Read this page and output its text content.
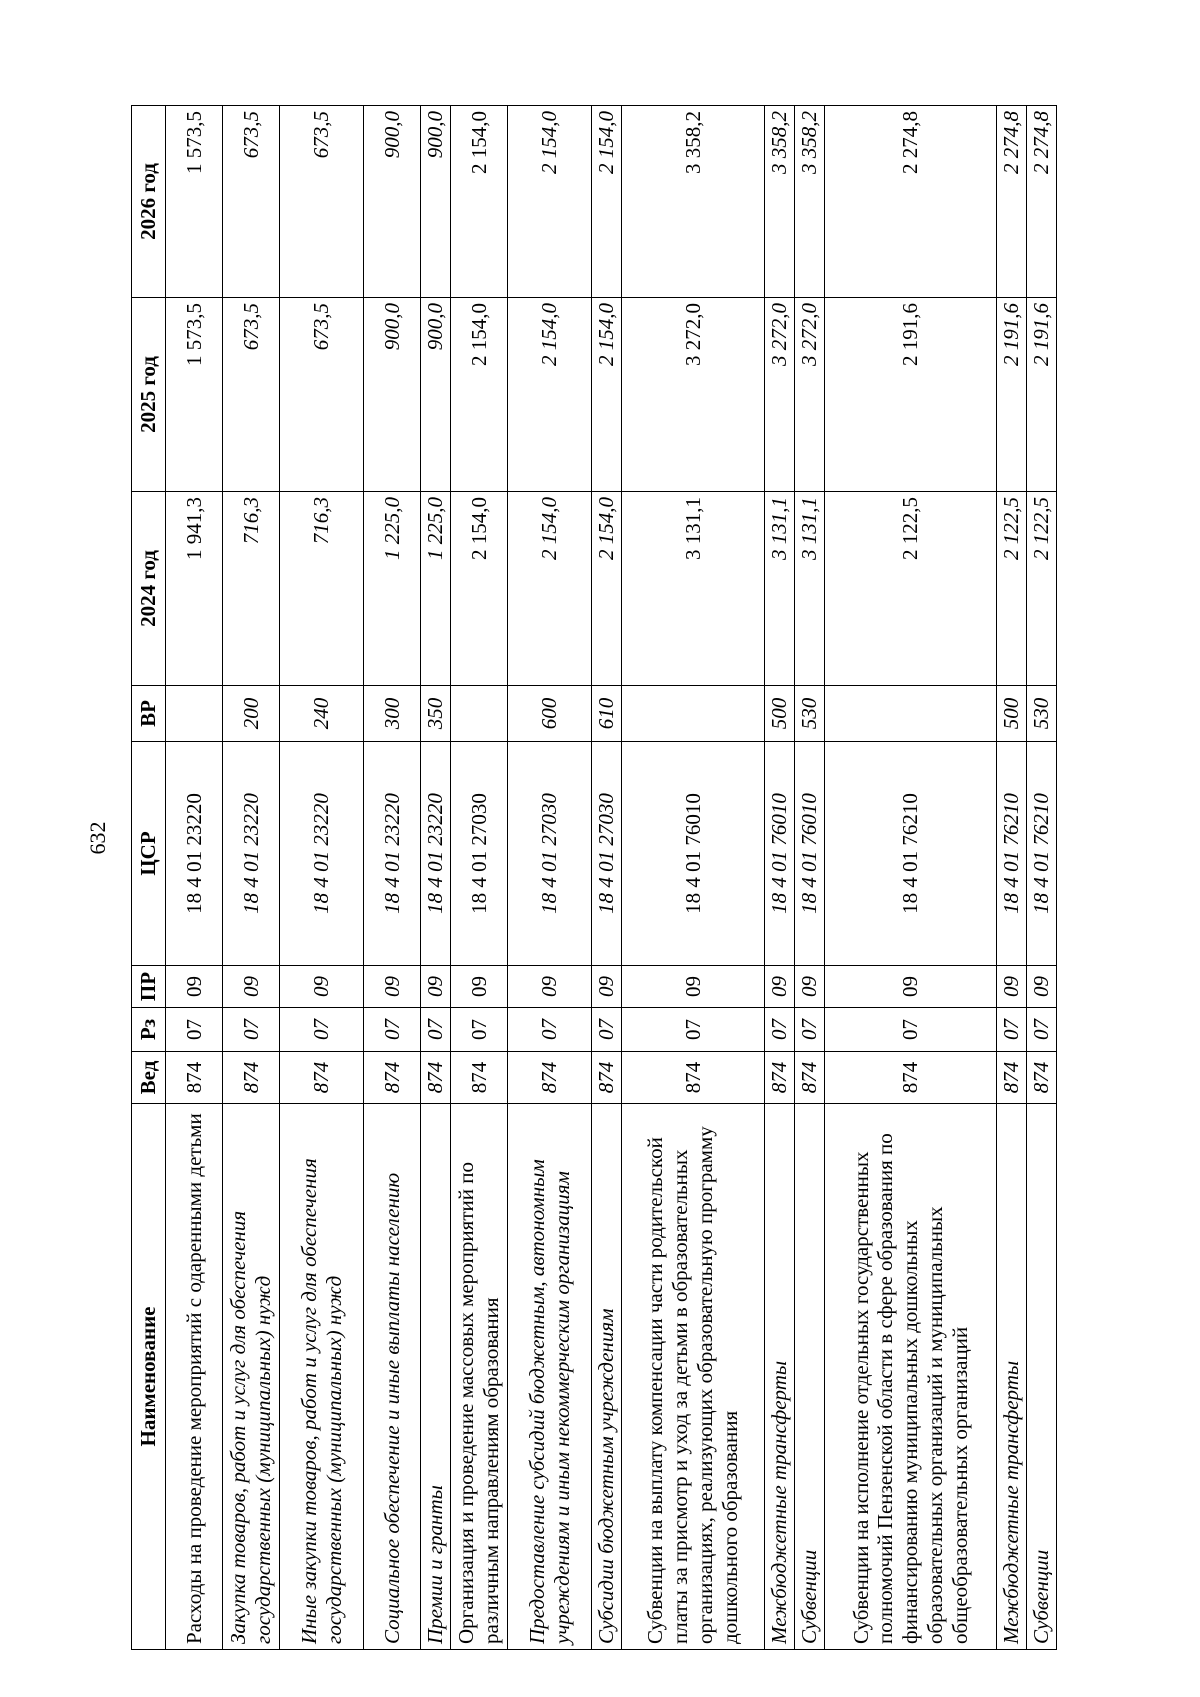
632
Наименование	Вед	Рз	ПР	ЦСР	ВР	2024 год	2025 год	2026 год
Расходы на проведение мероприятий с одаренными детьми	874	07	09	18 4 01 23220		1 941,3	1 573,5	1 573,5
Закупка товаров, работ и услуг для обеспечения государственных (муниципальных) нужд	874	07	09	18 4 01 23220	200	716,3	673,5	673,5
Иные закупки товаров, работ и услуг для обеспечения государственных (муниципальных) нужд	874	07	09	18 4 01 23220	240	716,3	673,5	673,5
Социальное обеспечение и иные выплаты населению	874	07	09	18 4 01 23220	300	1 225,0	900,0	900,0
Премии и гранты	874	07	09	18 4 01 23220	350	1 225,0	900,0	900,0
Организация и проведение массовых мероприятий по различным направлениям образования	874	07	09	18 4 01 27030		2 154,0	2 154,0	2 154,0
Предоставление субсидий бюджетным, автономным учреждениям и иным некоммерческим организациям	874	07	09	18 4 01 27030	600	2 154,0	2 154,0	2 154,0
Субсидии бюджетным учреждениям	874	07	09	18 4 01 27030	610	2 154,0	2 154,0	2 154,0
Субвенции на выплату компенсации части родительской платы за присмотр и уход за детьми в образовательных организациях, реализующих образовательную программу дошкольного образования	874	07	09	18 4 01 76010		3 131,1	3 272,0	3 358,2
Межбюджетные трансферты	874	07	09	18 4 01 76010	500	3 131,1	3 272,0	3 358,2
Субвенции	874	07	09	18 4 01 76010	530	3 131,1	3 272,0	3 358,2
Субвенции на исполнение отдельных государственных полномочий Пензенской области в сфере образования по финансированию муниципальных дошкольных образовательных организаций и муниципальных общеобразовательных организаций	874	07	09	18 4 01 76210		2 122,5	2 191,6	2 274,8
Межбюджетные трансферты	874	07	09	18 4 01 76210	500	2 122,5	2 191,6	2 274,8
Субвенции	874	07	09	18 4 01 76210	530	2 122,5	2 191,6	2 274,8
